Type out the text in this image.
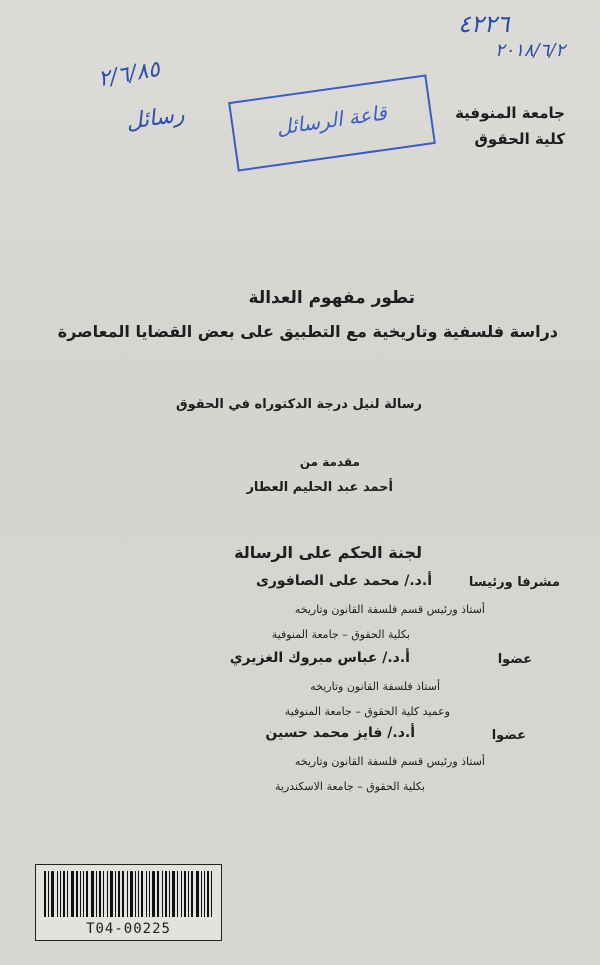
٤٢٢٦
٢٠١٨/٦/٢
٢/٦/٨٥
رسائل	قاعة الرسائل	جامعة المنوفية
كلية الحقوق
تطور مفهوم العدالة
دراسة فلسفية وتاريخية مع التطبيق على بعض القضايا المعاصرة
رسالة لنيل درجة الدكتوراه في الحقوق
مقدمة من
أحمد عبد الحليم العطار
لجنة الحكم على الرسالة
أ.د./ محمد على الصافورى	مشرفا ورئيسا
أستاذ ورئيس قسم فلسفة القانون وتاريخه
بكلية الحقوق – جامعة المنوفية
أ.د./ عباس مبروك الغزيري	عضوا
أستاذ فلسفة القانون وتاريخه
وعميد كلية الحقوق – جامعة المنوفية
أ.د./ فايز محمد حسين	عضوا
أستاذ ورئيس قسم فلسفة القانون وتاريخه
بكلية الحقوق – جامعة الاسكندرية
T04-00225
